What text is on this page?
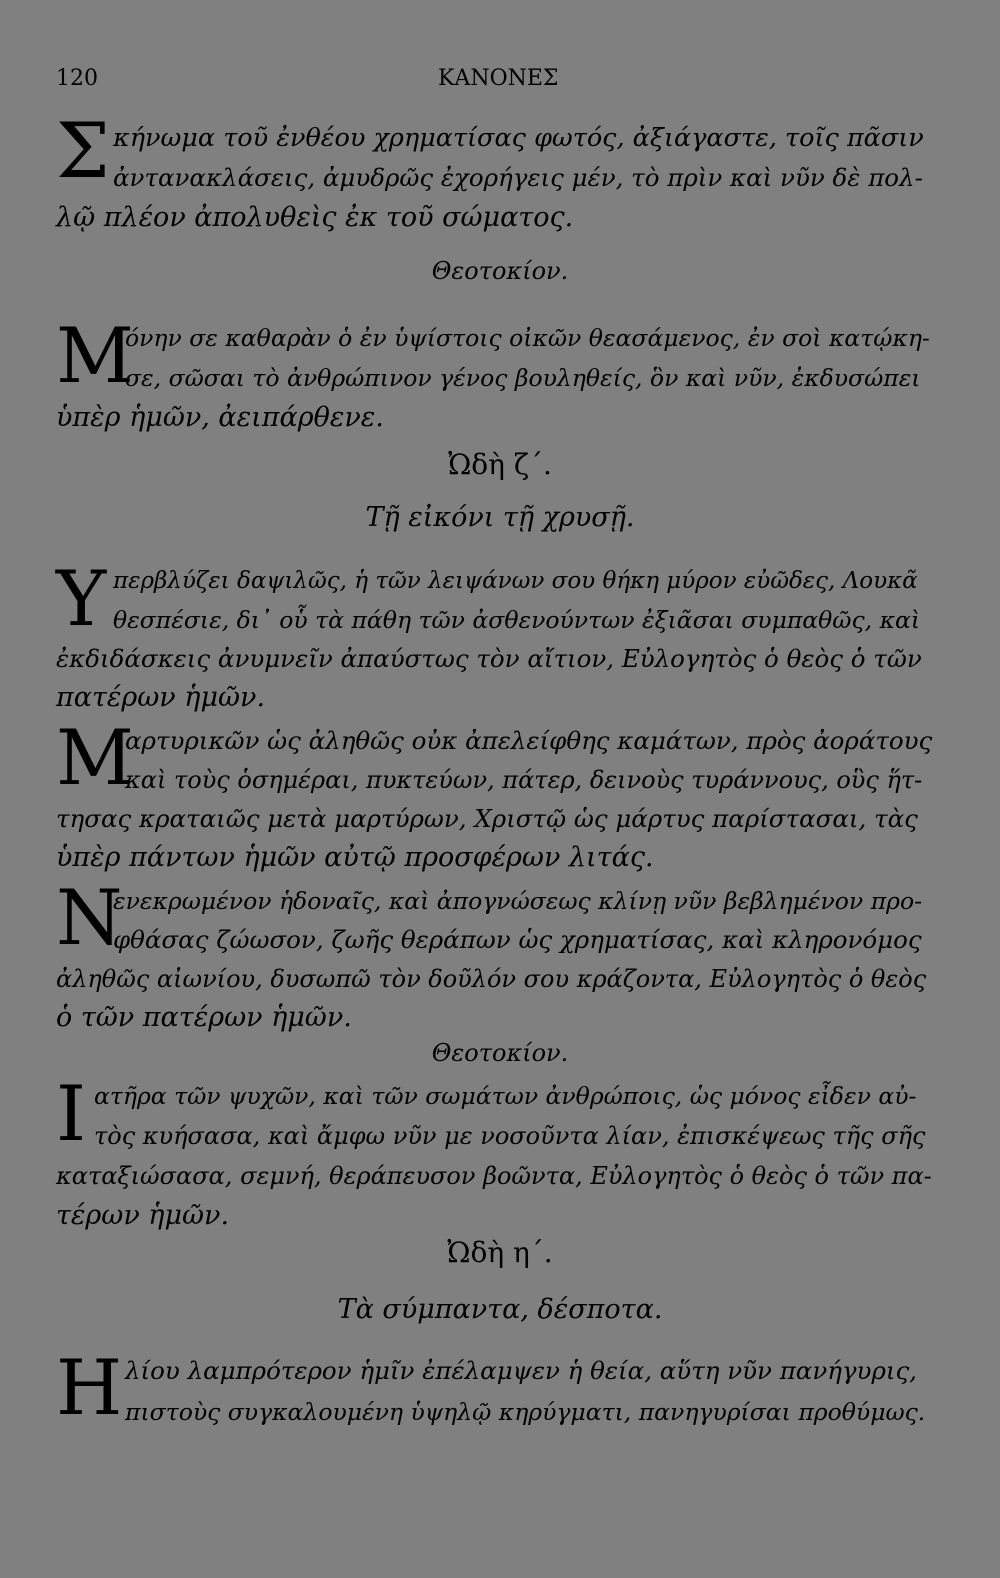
120	ΚΑΝΟΝΕΣ
Σ κήνωμα τοῦ ἐνθέου χρηματίσας φωτός, ἀξιάγαστε, τοῖς πᾶσιν
ἀντανακλάσεις, ἀμυδρῶς ἐχορήγεις μέν, τὸ πρὶν καὶ νῦν δὲ πολ-
λῷ πλέον ἀπολυθεὶς ἐκ τοῦ σώματος.
Θεοτοκίον.
Μ
όνην σε καθαρὰν ὁ ἐν ὑψίστοις οἰκῶν θεασάμενος, ἐν σοὶ κατῴκη-
σε, σῶσαι τὸ ἀνθρώπινον γένος βουληθείς, ὃν καὶ νῦν, ἐκδυσώπει
ὑπὲρ ἡμῶν, ἀειπάρθενε.
Ὠδὴ ζ΄.
Τῇ εἰκόνι τῇ χρυσῇ.
Υ περβλύζει δαψιλῶς, ἡ τῶν λειψάνων σου θήκη μύρον εὐῶδες, Λουκᾶ
θεσπέσιε, δι᾽ οὗ τὰ πάθη τῶν ἀσθενούντων ἐξιᾶσαι συμπαθῶς, καὶ
ἐκδιδάσκεις ἀνυμνεῖν ἀπαύστως τὸν αἴτιον, Εὐλογητὸς ὁ θεὸς ὁ τῶν
πατέρων ἡμῶν.
Μ
αρτυρικῶν ὡς ἀληθῶς οὐκ ἀπελείφθης καμάτων, πρὸς ἀοράτους
καὶ τοὺς ὁσημέραι, πυκτεύων, πάτερ, δεινοὺς τυράννους, οὓς ἥτ-
τησας κραταιῶς μετὰ μαρτύρων, Χριστῷ ὡς μάρτυς παρίστασαι, τὰς
ὑπὲρ πάντων ἡμῶν αὐτῷ προσφέρων λιτάς.
Ν
ενεκρωμένον ἡδοναῖς, καὶ ἀπογνώσεως κλίνῃ νῦν βεβλημένον προ-
φθάσας ζώωσον, ζωῆς θεράπων ὡς χρηματίσας, καὶ κληρονόμος
ἀληθῶς αἰωνίου, δυσωπῶ τὸν δοῦλόν σου κράζοντα, Εὐλογητὸς ὁ θεὸς
ὁ τῶν πατέρων ἡμῶν.
Θεοτοκίον.
Ι ατῆρα τῶν ψυχῶν, καὶ τῶν σωμάτων ἀνθρώποις, ὡς μόνος εἶδεν αὐ-
τὸς κυήσασα, καὶ ἄμφω νῦν με νοσοῦντα λίαν, ἐπισκέψεως τῆς σῆς
καταξιώσασα, σεμνή, θεράπευσον βοῶντα, Εὐλογητὸς ὁ θεὸς ὁ τῶν πα-
τέρων ἡμῶν.
Ὠδὴ η΄.
Τὰ σύμπαντα, δέσποτα.
Η λίου λαμπρότερον ἡμῖν ἐπέλαμψεν ἡ θεία, αὕτη νῦν πανήγυρις,
πιστοὺς συγκαλουμένη ὑψηλῷ κηρύγματι, πανηγυρίσαι προθύμως.
